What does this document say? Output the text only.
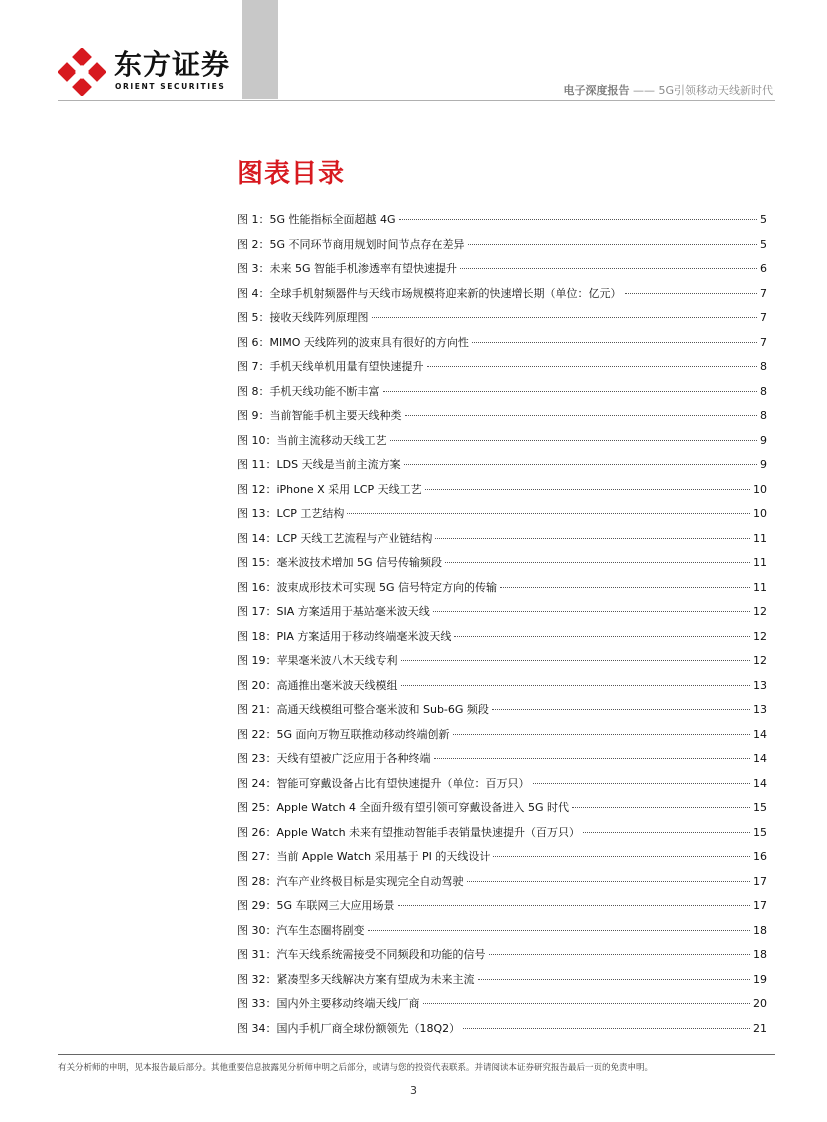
东方证券
ORIENT SECURITIES	电子深度报告 —— 5G引领移动天线新时代
图表目录
图 1：5G 性能指标全面超越 4G	5
图 2：5G 不同环节商用规划时间节点存在差异	5
图 3：未来 5G 智能手机渗透率有望快速提升	6
图 4：全球手机射频器件与天线市场规模将迎来新的快速增长期（单位：亿元）	7
图 5：接收天线阵列原理图	7
图 6：MIMO 天线阵列的波束具有很好的方向性	7
图 7：手机天线单机用量有望快速提升	8
图 8：手机天线功能不断丰富	8
图 9：当前智能手机主要天线种类	8
图 10：当前主流移动天线工艺	9
图 11：LDS 天线是当前主流方案	9
图 12：iPhone X 采用 LCP 天线工艺	10
图 13：LCP 工艺结构	10
图 14：LCP 天线工艺流程与产业链结构	11
图 15：毫米波技术增加 5G 信号传输频段	11
图 16：波束成形技术可实现 5G 信号特定方向的传输	11
图 17：SIA 方案适用于基站毫米波天线	12
图 18：PIA 方案适用于移动终端毫米波天线	12
图 19：苹果毫米波八木天线专利	12
图 20：高通推出毫米波天线模组	13
图 21：高通天线模组可整合毫米波和 Sub-6G 频段	13
图 22：5G 面向万物互联推动移动终端创新	14
图 23：天线有望被广泛应用于各种终端	14
图 24：智能可穿戴设备占比有望快速提升（单位：百万只）	14
图 25：Apple Watch 4 全面升级有望引领可穿戴设备进入 5G 时代	15
图 26：Apple Watch 未来有望推动智能手表销量快速提升（百万只）	15
图 27：当前 Apple Watch 采用基于 PI 的天线设计	16
图 28：汽车产业终极目标是实现完全自动驾驶	17
图 29：5G 车联网三大应用场景	17
图 30：汽车生态圈将剧变	18
图 31：汽车天线系统需接受不同频段和功能的信号	18
图 32：紧凑型多天线解决方案有望成为未来主流	19
图 33：国内外主要移动终端天线厂商	20
图 34：国内手机厂商全球份额领先（18Q2）	21
有关分析师的申明，见本报告最后部分。其他重要信息披露见分析师申明之后部分，或请与您的投资代表联系。并请阅读本证券研究报告最后一页的免责申明。
3
